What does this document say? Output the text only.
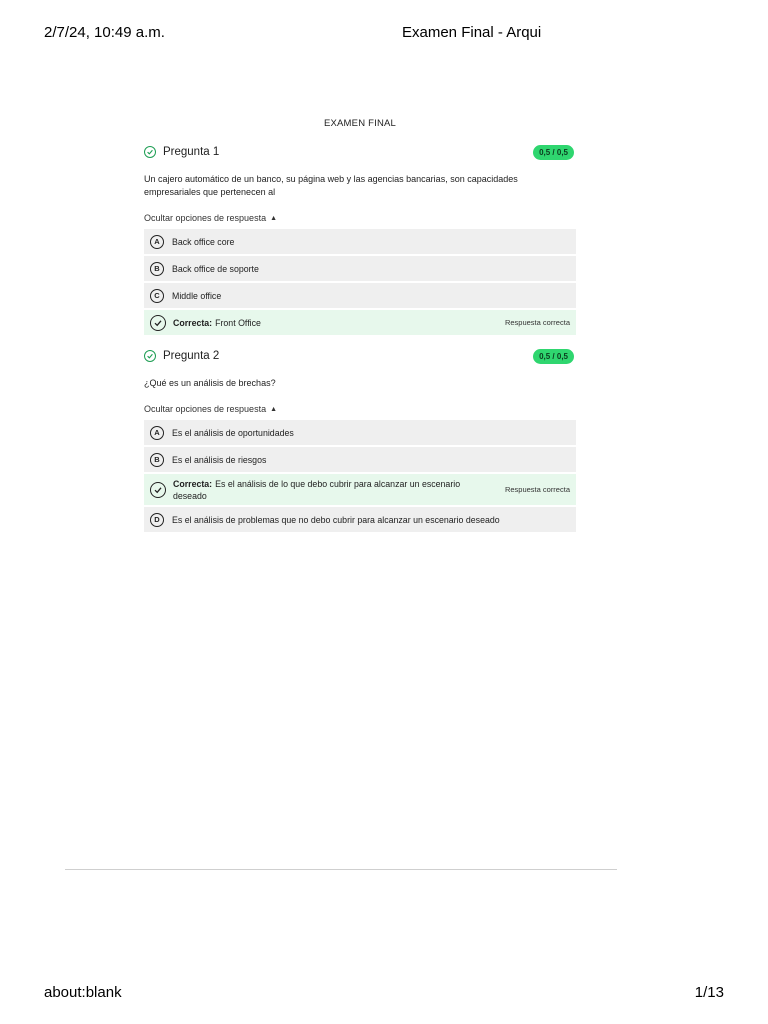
2/7/24, 10:49 a.m.	Examen Final - Arqui
EXAMEN FINAL
Pregunta 1	0,5 / 0,5
Un cajero automático de un banco, su página web y las agencias bancarias, son capacidades empresariales que pertenecen al
Ocultar opciones de respuesta ▲
A	Back office core
B	Back office de soporte
C	Middle office
Correcta: Front Office	Respuesta correcta
Pregunta 2	0,5 / 0,5
¿Qué es un análisis de brechas?
Ocultar opciones de respuesta ▲
A	Es el análisis de oportunidades
B	Es el análisis de riesgos
Correcta: Es el análisis de lo que debo cubrir para alcanzar un escenario deseado
Respuesta correcta
D	Es el análisis de problemas que no debo cubrir para alcanzar un escenario deseado
about:blank	1/13
